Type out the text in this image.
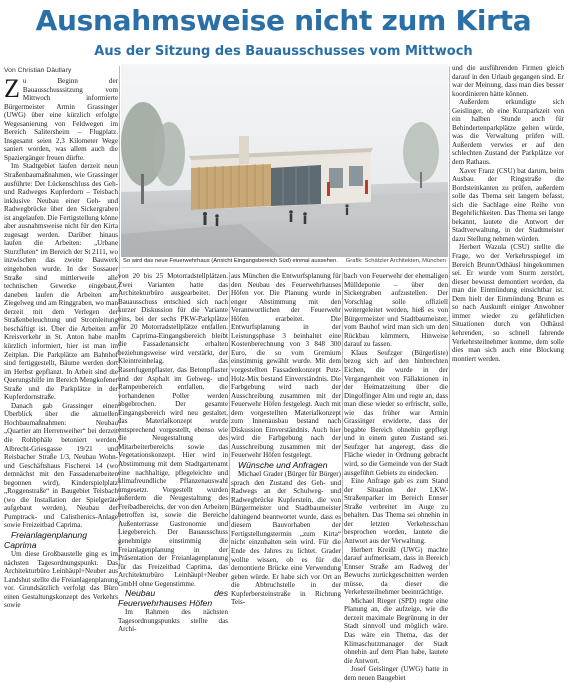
Ausnahmsweise nicht zum Kirta
Aus der Sitzung des Bauausschusses vom Mittwoch
Von Christian Däullary

Zu Beginn der Bauausschusssitzung vom Mittwoch informierte Bürgermeister Armin Grassinger (UWG) über eine kürzlich erfolgte Wegesanierung von Feldwegen im Bereich Salitersheim – Flugplatz. Insgesamt seien 2,3 Kilometer Wege saniert worden, was allem auch die Spaziergänger freuen dürfte.

Im Stadtgebiet laufen derzeit neun Straßenbaumaßnahmen, wie Grassinger ausführte: Der Lückenschluss des Geh- und Radweges Kupferdorn – Teisbach inklusive Neubau einer Geh- und Radwegbrücke über den Sickergraben ist angelaufen. Die Fertigstellung könne aber ausnahmsweise nicht für den Kirta zugesagt werden. Darüber hinaus laufen die Arbeiten: „Urbane Sturzfluten“ im Bereich der St 2111, wo inzwischen das zweite Bauwerk eingehoben wurde. In der Sossauer Straße sind mittlerweile alle technischen Gewerke eingebaut, daneben laufen die Arbeiten am Ziegelweg und am Ringgraben, wo man derzeit mit dem Verlegen der Straßenbeleuchtung und Stromleitung beschäftigt ist. Über die Arbeiten am Kreisverkehr in St. Anton habe man kürzlich informiert, hier ist man im Zeitplan. Die Parkplätze am Bahnhof sind fertiggestellt, Bäume werden dort im Herbst gepflanzt. In Arbeit sind die Querungshilfe im Bereich Mengkofener Straße und die Parkplätze in der Kupferdornstraße.

Danach gab Grassinger einen Überblick über die aktuellen Hochbaumaßnahmen: Neubau „Quartier am Herrenweiher“ bei derzeit die Rohbphäle betoniert werden, Albrecht-Griesgasse 19/21 und Reisbacher Straße 1/3, Neubau Wohn- und Geschäftshaus Fischerei 14 (wo demnächst mit den Fassadenarbeiten begonnen wird), Kinderspielplatz „Roggenstraße“ in Baugebiet Teisbach (wo die Installation der Spielgeräte aufgebaut werden), Neubau der Pumptrack- und Calisthenics-Anlage sowie Freizeitbad Caprima.

Freianlagenplanung Caprima

Um diese Großbaustelle ging es im nächsten Tagesordnungspunkt. Das Architekturbüro Leinhäupl+Neuber aus Landshut stellte die Freianlagenplanung vor. Grundsätzlich verfolgt das Büro einen Gestaltungskonzept des Verkehrs sowie

So wird das neue Feuerwehrhaus (Ansicht Eingangsbereich Süd) einmal aussehen. Grafik: Schätzler Architekten, München

von 20 bis 25 Motorradstellplätzen. Zwei Varianten hatte das Architekturbüro ausgearbeitet. Der Bauausschuss entschied sich nach kurzer Diskussion für die Variante eins, bei der sechs PKW-Parkplätze für 20 Motorradstellplätze entfallen. Im Caprima-Eingangsbereich bleibt die Fassadenansicht erhalten beziehungsweise wird verstärkt, der Kleintreinbelag, das Rasenfugenpflaster, das Betonpflaster und der Asphalt im Gehweg- und Rampenbereich entfallen, die vorhandenen Poller werden abgebrochen. Der gesamte Eingangsbereich wird neu gestaltet, das Materialkonzept wurde entsprechend vorgestellt, ebenso wie die Neugestaltung des Mitarbeiterbereichs sowie das Vegetationskonzept. Hier wird in Abstimmung mit dem Stadtgartenamt eine nachhaltige, pflegeleichte und klimafreundliche Pflanzenauswahl umgesetzt. Vorgestellt wurden außerdem die Neugestaltung des Freibadbereichs, der von den Arbeiten betroffen ist, sowie die Bereiche Außenterrasse Gastronomie und Liegebereich. Der Bauausschuss genehmigte einstimmig die Freianlagenplanung in der Präsentation der Freianlagenplanung für das Freizeitbad Caprima, das Architekturbüro Leinhäupl+Neuber GmbH ohne Gegenstimme.

Neubau des Feuerwehrhauses Höfen

Im Rahmen des nächsten Tagesordnungspunkts stellte das Archi-

aus München die Entwurfsplanung für den Neubau des Feuerwehrhauses Höfen vor. Die Planung wurde in enger Abstimmung mit den Verantwortlichen der Feuerwehr Höfen erarbeitet. Die Entwurfsplanung in der Leistungsphase 3 beinhaltet eine Kostenberechnung von 3 848 300 Euro, die so vom Gremium einstimmig gewählt wurde. Mit dem vorgestellten Fassadenkonzept Putz-Holz-Mix bestand Einverständnis. Die Farbgebung wird nach der Ausschreibung zusammen mit der Feuerwehr Höfen festgelegt. Auch mit dem vorgestellten Materialkonzept zum Innenausbau bestand nach Diskussion Einverständnis. Auch hier wird die Farbgebung nach der Ausschreibung zusammen mit der Feuerwehr Höfen festgelegt.

Wünsche und Anfragen

Michael Grader (Bürger für Bürger) sprach den Zustand des Geh- und Radwegs an der Schulweg- und Radwegbrücke Kupferstein, die von Bürgermeister und Stadtbaumeister dahingend beantwortet wurde, dass es diesem Bauvorhaben der Fertigstellungstermin „zum Kirta“ nicht einzuhalten sein wird. Für die Ende des Jahres zu lichtet. Grader wollte wissen, ob es für die demontierte Brücke eine Verwendung geben würde. Er habe sich vor Ort an die Abbruchstelle in der Kupferbersteinstraße in Richtung Teis-

bach von Feuerwehr der ehemaligen Mülldeponie – über den Sickergraben aufzustellen. Der Vorschlag solle offiziell weitergeleitet werden, hieß es von Bürgermeister und Stadtbaumeister, vom Bauhof wird man sich um den Rückbau kümmern, Hinweise darauf zu fassen.

Klaus Seufzger (Bürgerliste) bezog sich auf den hinbrechten Eichen, die wurde in der Vergangenheit von Fällaktionen in der Heimatzeitung über die Dingolfinger Alm und regte an, dass man diese wieder so erfrischt, solle, wie das früher war Armin Grassinger erwiderte, dass der begabte Bereich ohnehin gepflegt und in einem guten Zustand sei. Seufzger hat angeregt, dass die Fläche wieder in Ordnung gebracht wird, so die Gemeinde von der Stadt ausgeführt Gebiets zu eindecken.

Eine Anfrage gab es zum Stand der Situation der LKW-Straßenparker im Bereich Ennser Straße verbreitet im Auge zu behalten. Das Thema sei ohnehin in der letzten Verkehrsschau besprochen worden, lautete die Antwort aus der Verwaltung.

Herbert Kreißl (UWG) machte darauf aufmerksam, dass in Bereich Ennser Straße am Radweg der Bewuchs zurückgeschnitten werden müsse, da dieser die Verkehrsteilnehmer beeinträchtige.

Michael Rieger (SPD) regte eine Planung an, die aufzeige, wie die derzeit maximale Begrünung in der Stadt sinnvoll und möglich wäre. Das wäre ein Thema, das der Klimaschutzmanager der Stadt ohnehin auf dem Plan habe, lautete die Antwort.

Josef Geislinger (UWG) hatte in dem neuen Baugebiet

und die ausführenden Firmen gleich darauf in den Urlaub gegangen sind. Er war der Meinung, dass man dies besser koordinieren hätte können.

Außerdem erkundigte sich Geislinger, ob eine Kurzparkzeit von ein halben Stunde auch für Behindertenparkplätze gelten würde, was die Verwaltung prüfen will. Außerdem verwies er auf den schlechten Zustand der Parkplätze vor dem Rathaus.

Xaver Franz (CSU) bat darum, beim Ausbau der Ringstraße die Bordsteinkanten zu prüfen, außerdem solle das Thema seit langem befasst, sich die Sachlage eine Reihe von Begehrlichkeiten. Das Thema sei lange bekannt, lautete die Antwort der Stadtverwaltung, in der Stadtmeister dazu Stellung nehmen würden.

Herbert Wazula (CSU) stellte die Frage, wo der Verkehrsspiegel im Bereich Brunn/Odhäusl hingekommen sei. Er wurde vom Sturm zerstört, dieser bewusst demontiert worden, da man die Einmündung einsichtbar ist. Dem hielt der Einmündung Brunn es so nach Auskunft einiger Anwohner immer wieder zu gefährlichen Situationen durch von Odhäusl kehrenden, so schnell fahrende Verkehrsteilnehmer komme, dem solle dies man sich auch eine Blockung montiert werden.
